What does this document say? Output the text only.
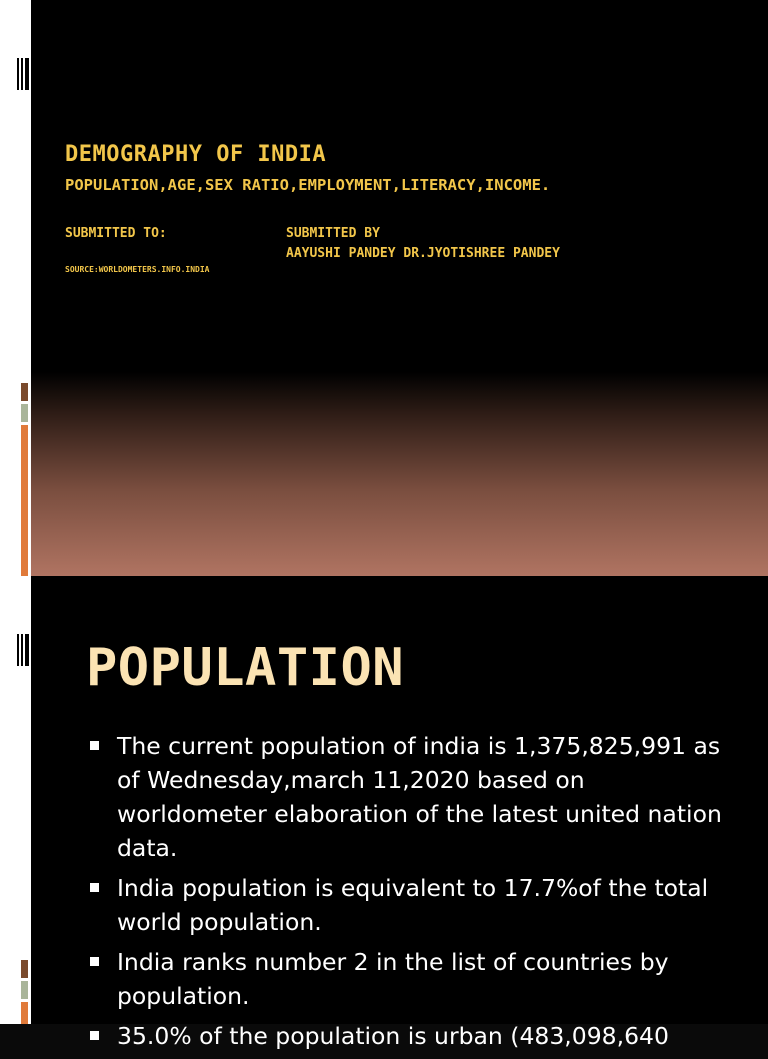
DEMOGRAPHY OF INDIA

POPULATION,AGE,SEX RATIO,EMPLOYMENT,LITERACY,INCOME.

SUBMITTED TO:	SUBMITTED BY

AAYUSHI PANDEY DR.JYOTISHREE PANDEY

SOURCE:WORLDOMETERS.INFO.INDIA

POPULATION
The current population of india is 1,375,825,991 as of Wednesday,march 11,2020 based on worldometer elaboration of the latest united nation data.
India population is equivalent to 17.7%of the total world population.
India ranks number 2 in the list of countries by population.
35.0% of the population is urban (483,098,640
